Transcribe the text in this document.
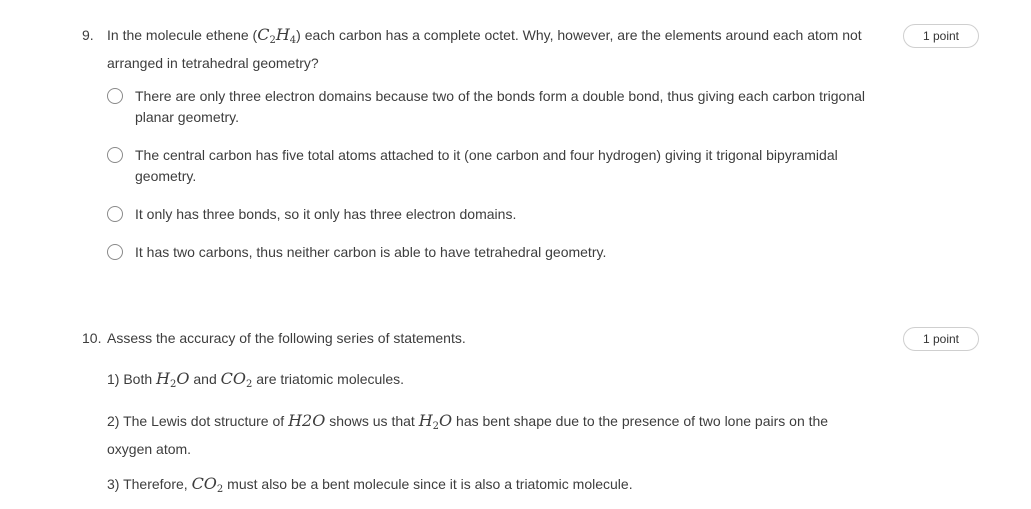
9. In the molecule ethene $(C_2H_4)$ each carbon has a complete octet. Why, however, are the elements around each atom not arranged in tetrahedral geometry?
1 point
There are only three electron domains because two of the bonds form a double bond, thus giving each carbon trigonal planar geometry.
The central carbon has five total atoms attached to it (one carbon and four hydrogen) giving it trigonal bipyramidal geometry.
It only has three bonds, so it only has three electron domains.
It has two carbons, thus neither carbon is able to have tetrahedral geometry.
10. Assess the accuracy of the following series of statements.	1 point
1) Both $H_2O$ and $CO_2$ are triatomic molecules.
2) The Lewis dot structure of H2O shows us that $H_2O$ has bent shape due to the presence of two lone pairs on the oxygen atom.
3) Therefore, $CO_2$ must also be a bent molecule since it is also a triatomic molecule.
